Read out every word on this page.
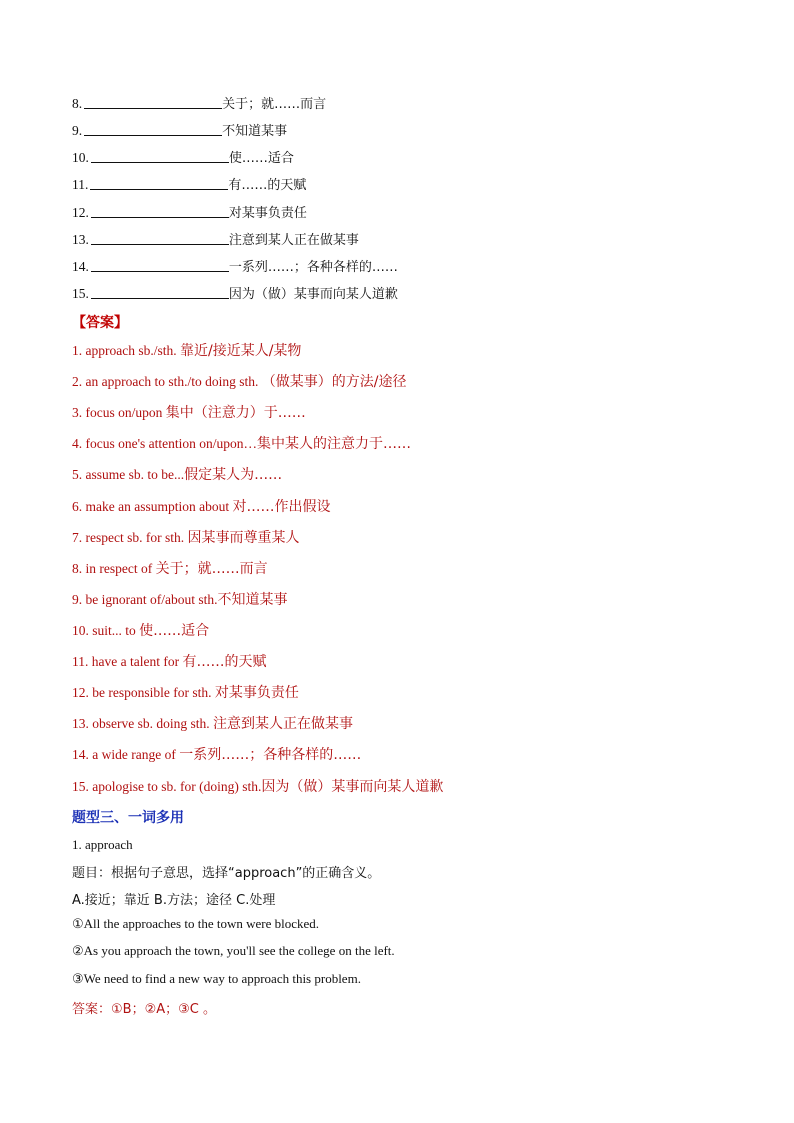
8.	关于；就……而言
9.	不知道某事
10.	使……适合
11.	有……的天赋
12.	对某事负责任
13.	注意到某人正在做某事
14.	一系列……；各种各样的……
15.	因为（做）某事而向某人道歉
【答案】
1. approach sb./sth. 靠近/接近某人/某物
2. an approach to sth./to doing sth. （做某事）的方法/途径
3. focus on/upon 集中（注意力）于……
4. focus one's attention on/upon…集中某人的注意力于……
5. assume sb. to be...假定某人为……
6. make an assumption about 对……作出假设
7. respect sb. for sth. 因某事而尊重某人
8. in respect of 关于；就……而言
9. be ignorant of/about sth.不知道某事
10. suit... to 使……适合
11. have a talent for 有……的天赋
12. be responsible for sth. 对某事负责任
13. observe sb. doing sth. 注意到某人正在做某事
14. a wide range of 一系列……；各种各样的……
15. apologise to sb. for (doing) sth.因为（做）某事而向某人道歉
题型三、一词多用
1. approach
题目：根据句子意思，选择“approach”的正确含义。
A.接近；靠近 B.方法；途径 C.处理
①All the approaches to the town were blocked.
②As you approach the town, you'll see the college on the left.
③We need to find a new way to approach this problem.
答案：①B；②A；③C 。
